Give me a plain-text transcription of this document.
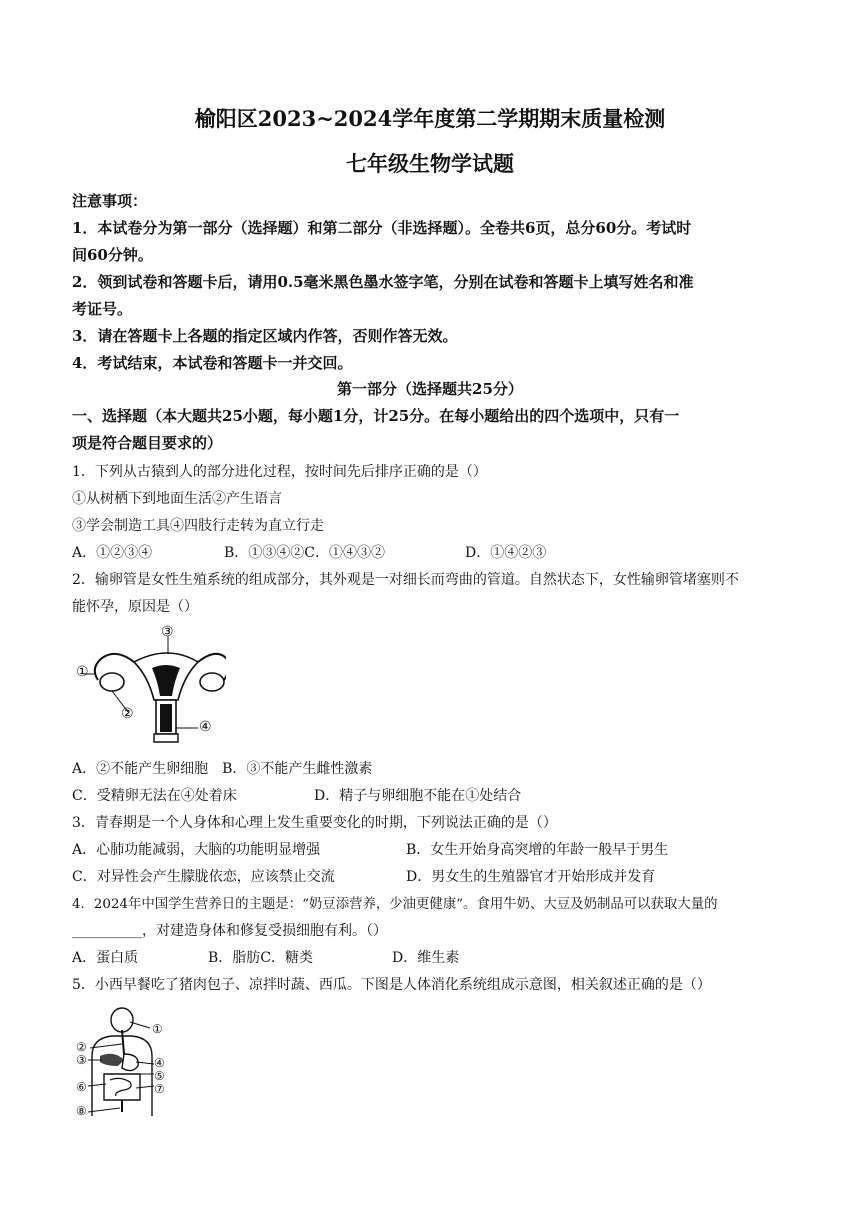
榆阳区2023~2024学年度第二学期期末质量检测
七年级生物学试题
注意事项：
1．本试卷分为第一部分（选择题）和第二部分（非选择题）。全卷共6页，总分60分。考试时
间60分钟。
2．领到试卷和答题卡后，请用0.5毫米黑色墨水签字笔，分别在试卷和答题卡上填写姓名和准
考证号。
3．请在答题卡上各题的指定区域内作答，否则作答无效。
4．考试结束，本试卷和答题卡一并交回。
第一部分（选择题共25分）
一、选择题（本大题共25小题，每小题1分，计25分。在每小题给出的四个选项中，只有一
项是符合题目要求的）
1．下列从古猿到人的部分进化过程，按时间先后排序正确的是（）
①从树栖下到地面生活②产生语言
③学会制造工具④四肢行走转为直立行走
A．①②③④	B．①③④②C．①④③②	D．①④②③
2．输卵管是女性生殖系统的组成部分，其外观是一对细长而弯曲的管道。自然状态下，女性输卵管堵塞则不
能怀孕，原因是（）
①
②
③
④
A．②不能产生卵细胞　B．③不能产生雌性激素
C．受精卵无法在④处着床	D．精子与卵细胞不能在①处结合
3．青春期是一个人身体和心理上发生重要变化的时期，下列说法正确的是（）
A．心肺功能减弱，大脑的功能明显增强	B．女生开始身高突增的年龄一般早于男生
C．对异性会产生朦胧依恋，应该禁止交流	D．男女生的生殖器官才开始形成并发育
4．2024年中国学生营养日的主题是：“奶豆添营养，少油更健康”。食用牛奶、大豆及奶制品可以获取大量的
__________，对建造身体和修复受损细胞有利。（）
A．蛋白质	B．脂肪C．糖类	D．维生素
5．小西早餐吃了猪肉包子、凉拌时蔬、西瓜。下图是人体消化系统组成示意图，相关叙述正确的是（）
①
②
③	④
⑤
⑥	⑦
⑧
